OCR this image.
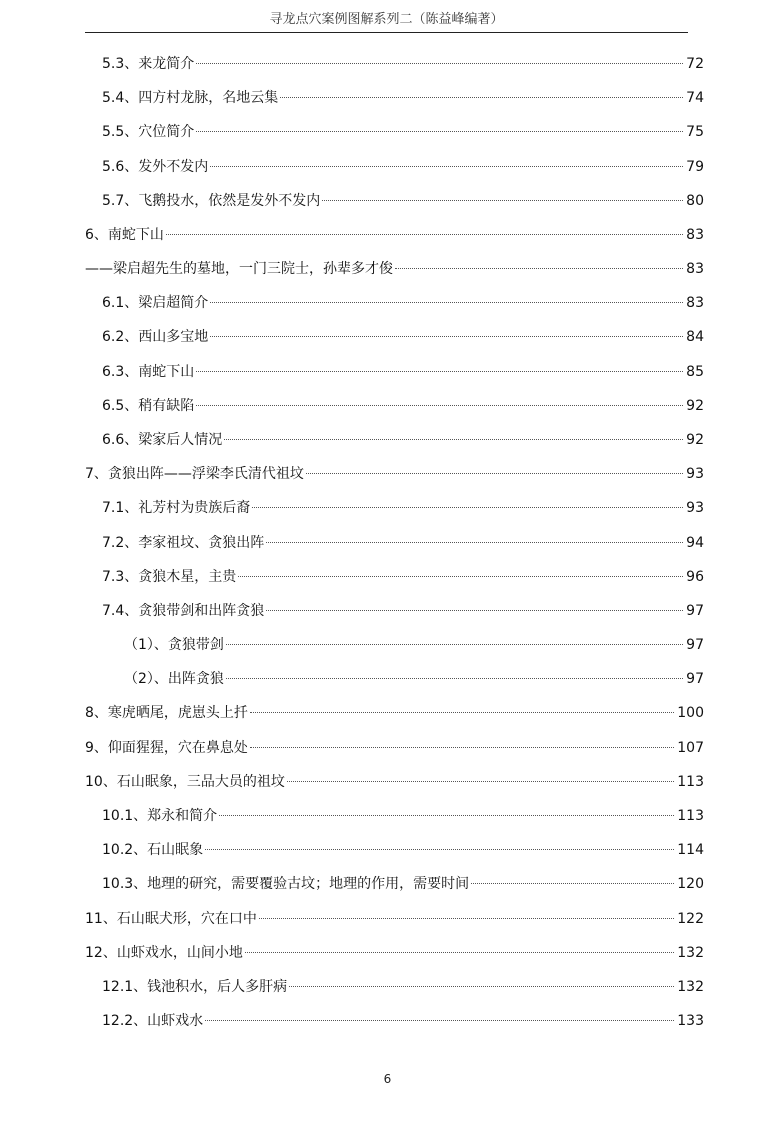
寻龙点穴案例图解系列二（陈益峰编著）
5.3、来龙简介	72
5.4、四方村龙脉，名地云集	74
5.5、穴位简介	75
5.6、发外不发内	79
5.7、飞鹅投水，依然是发外不发内	80
6、南蛇下山	83
——梁启超先生的墓地，一门三院士，孙辈多才俊	83
6.1、梁启超简介	83
6.2、西山多宝地	84
6.3、南蛇下山	85
6.5、稍有缺陷	92
6.6、梁家后人情况	92
7、贪狼出阵——浮梁李氏清代祖坟	93
7.1、礼芳村为贵族后裔	93
7.2、李家祖坟、贪狼出阵	94
7.3、贪狼木星，主贵	96
7.4、贪狼带剑和出阵贪狼	97
（1）、贪狼带剑	97
（2）、出阵贪狼	97
8、寒虎晒尾，虎崽头上扦	100
9、仰面猩猩，穴在鼻息处	107
10、石山眠象，三品大员的祖坟	113
10.1、郑永和简介	113
10.2、石山眠象	114
10.3、地理的研究，需要覆验古坟；地理的作用，需要时间	120
11、石山眠犬形，穴在口中	122
12、山虾戏水，山间小地	132
12.1、钱池积水，后人多肝病	132
12.2、山虾戏水	133
6
